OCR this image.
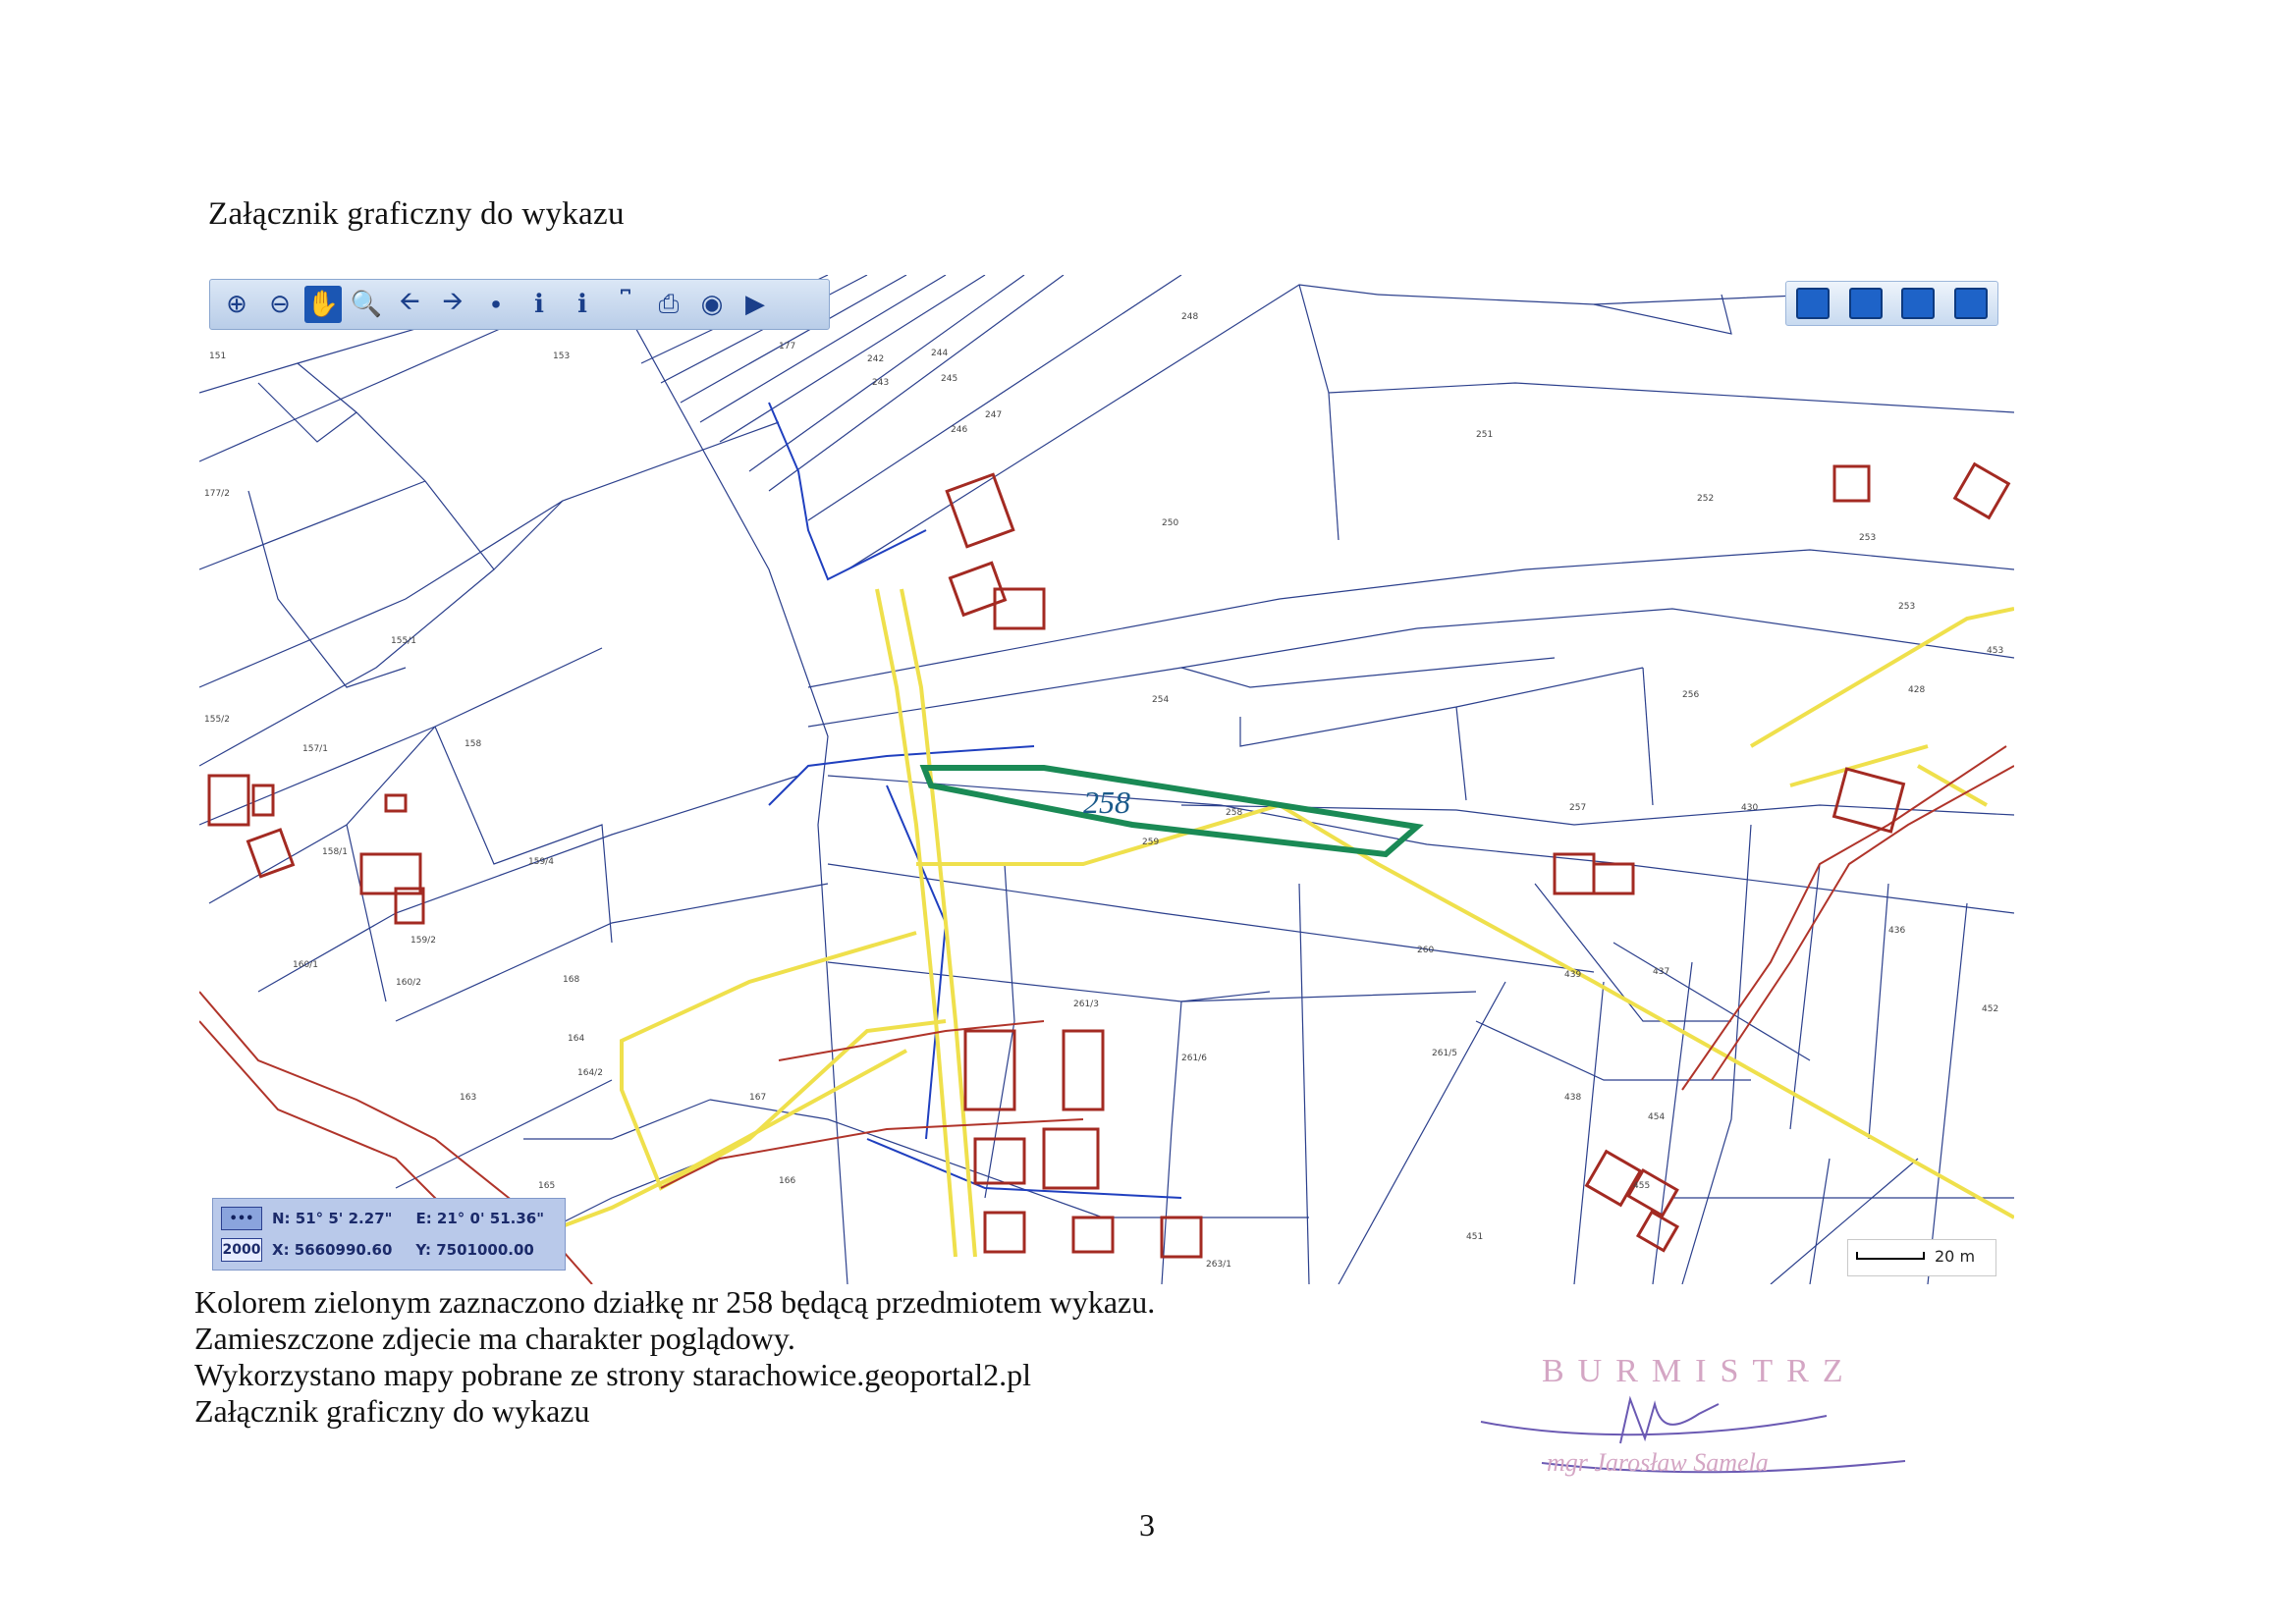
Załącznik graficzny do wykazu
258
151	153
177/2
155/1
155/2
157/1	158
158/1
159/4
159/2
160/1
160/2	168
164
164/2
163
165
167
166
177
242
243
244
245
246
247
248
250
251
252
253
253
254	256
257
258
259
260
261/3
261/5
261/6
263/1
430
436
439	437
438
454
455
451
428
452
453
⊕ ⊖ ✋ 🔍 🡨 🡪 ∙	ℹ	ℹ	⎴	⎙ ◉ ▶
•••	N: 51° 5' 2.27" E: 21° 0' 51.36"
2000 X: 5660990.60 Y: 7501000.00	20 m
Kolorem zielonym zaznaczono działkę nr 258 będącą przedmiotem wykazu.
Zamieszczone zdjecie ma charakter poglądowy.
Wykorzystano mapy pobrane ze strony starachowice.geoportal2.pl
Załącznik graficzny do wykazu
BURMISTRZ
mgr Jarosław Samela
3
